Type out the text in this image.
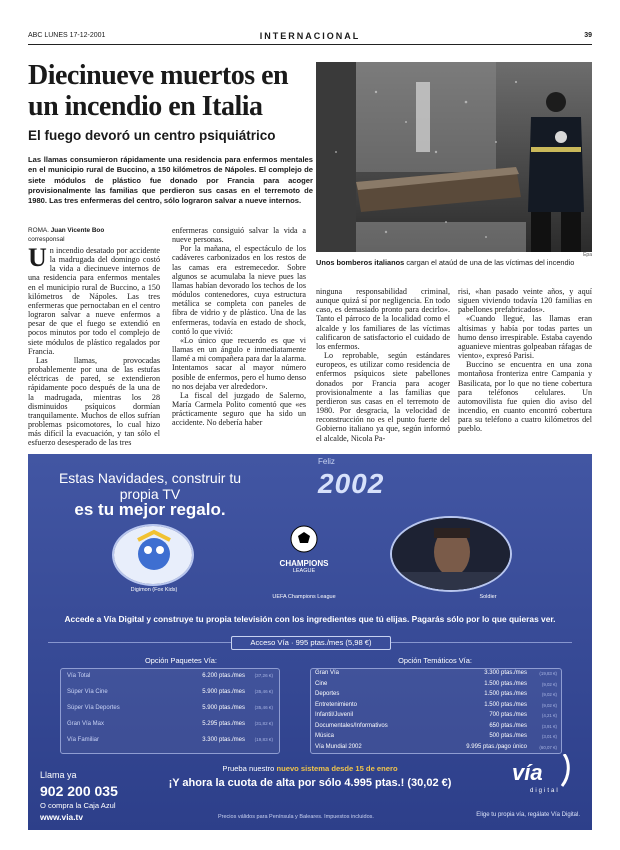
ABC LUNES 17-12-2001	INTERNACIONAL	39
Diecinueve muertos en un incendio en Italia
El fuego devoró un centro psiquiátrico
Las llamas consumieron rápidamente una residencia para enfermos mentales en el municipio rural de Buccino, a 150 kilómetros de Nápoles. El complejo de siete módulos de plástico fue donado por Francia para acoger provisionalmente las familias que perdieron sus casas en el terremoto de 1980. Las tres enfermeras del centro, sólo lograron salvar a nueve internos.
Epa
Unos bomberos italianos cargan el ataúd de una de las víctimas del incendio
ROMA. Juan Vicente Boo
corresponsal

Un incendio desatado por accidente la madrugada del domingo costó la vida a diecinueve internos de una residencia para enfermos mentales en el municipio rural de Buccino, a 150 kilómetros de Nápoles. Las tres enfermeras que pernoctaban en el centro lograron salvar a nueve enfermos a pesar de que el fuego se extendió en pocos minutos por todo el complejo de siete módulos de plástico regalados por Francia.

Las llamas, provocadas probablemente por una de las estufas eléctricas de pared, se extendieron rápidamente poco después de la una de la madrugada, mientras los 28 disminuidos psíquicos dormían tranquilamente. Muchos de ellos sufrían problemas psicomotores, lo cual hizo más difícil la evacuación, y tan sólo el esfuerzo desesperado de las tres

enfermeras consiguió salvar la vida a nueve personas.

Por la mañana, el espectáculo de los cadáveres carbonizados en los restos de las camas era estremecedor. Sobre algunos se acumulaba la nieve pues las llamas habían devorado los techos de los módulos contenedores, cuya estructura metálica se completa con paneles de fibra de vidrio y de plástico. Una de las enfermeras, todavía en estado de shock, contó lo que vivió:

«Lo único que recuerdo es que vi llamas en un ángulo e inmediatamente llamé a mi compañera para dar la alarma. Intentamos sacar al mayor número posible de enfermos, pero el humo denso no nos dejaba ver alrededor».

La fiscal del juzgado de Salerno, María Carmela Polito comentó que «es prácticamente seguro que ha sido un accidente. No debería haber

ninguna responsabilidad criminal, aunque quizá sí por negligencia. En todo caso, es demasiado pronto para decirlo». Tanto el párroco de la localidad como el alcalde y los familiares de las víctimas calificaron de satisfactorio el cuidado de los enfermos.

Lo reprobable, según estándares europeos, es utilizar como residencia de enfermos psíquicos siete pabellones donados por Francia para acoger provisionalmente a las familias que perdieron sus casas en el terremoto de 1980. Por desgracia, la velocidad de reconstrucción no es el punto fuerte del Gobierno italiano ya que, según informó el alcalde, Nicola Pa-

risi, «han pasado veinte años, y aquí siguen viviendo todavía 120 familias en pabellones prefabricados».

«Cuando llegué, las llamas eran altísimas y había por todas partes un humo denso irrespirable. Estaba cayendo aguanieve mientras golpeaban ráfagas de viento», expresó Parisi.

Buccino se encuentra en una zona montañosa fronteriza entre Campania y Basilicata, por lo que no tiene cobertura para teléfonos celulares. Un automovilista fue quien dio aviso del incendio, en cuanto encontró cobertura para su teléfono a cuatro kilómetros del pueblo.

Estas Navidades, construir tu propia TV
es tu mejor regalo.
Feliz
2002
Digimon (Fox Kids)
CHAMPIONS
LEAGUE
UEFA Champions League	Soldier
Accede a Vía Digital y construye tu propia televisión con los ingredientes que tú elijas. Pagarás sólo por lo que quieras ver.
Acceso Vía · 995 ptas./mes (5,98 €)
Opción Paquetes Vía:	Opción Temáticos Vía:
Vía Total	6.200 ptas./mes (37,26 €)
Súper Vía Cine	5.900 ptas./mes (35,46 €)
Súper Vía Deportes	5.900 ptas./mes (35,46 €)
Gran Vía Max	5.295 ptas./mes (31,82 €)
Vía Familiar	3.300 ptas./mes (19,83 €)
Gran Vía	3.300 ptas./mes	(19,83 €)
Cine	1.500 ptas./mes	(9,02 €)
Deportes	1.500 ptas./mes	(9,02 €)
Entretenimiento	1.500 ptas./mes	(9,02 €)
Infantil/Juvenil	700 ptas./mes	(4,21 €)
Documentales/Informativos	650 ptas./mes	(3,91 €)
Música	500 ptas./mes	(3,01 €)
Vía Mundial 2002	9.995 ptas./pago único	(60,07 €)
Prueba nuestro nuevo sistema desde 15 de enero
¡Y ahora la cuota de alta por sólo 4.995 ptas.! (30,02 €)
Llama ya
902 200 035
O compra la Caja Azul
www.via.tv	Precios válidos para Península y Baleares. Impuestos incluidos.	Elige tu propia vía, regálate Vía Digital.
vía
digital
